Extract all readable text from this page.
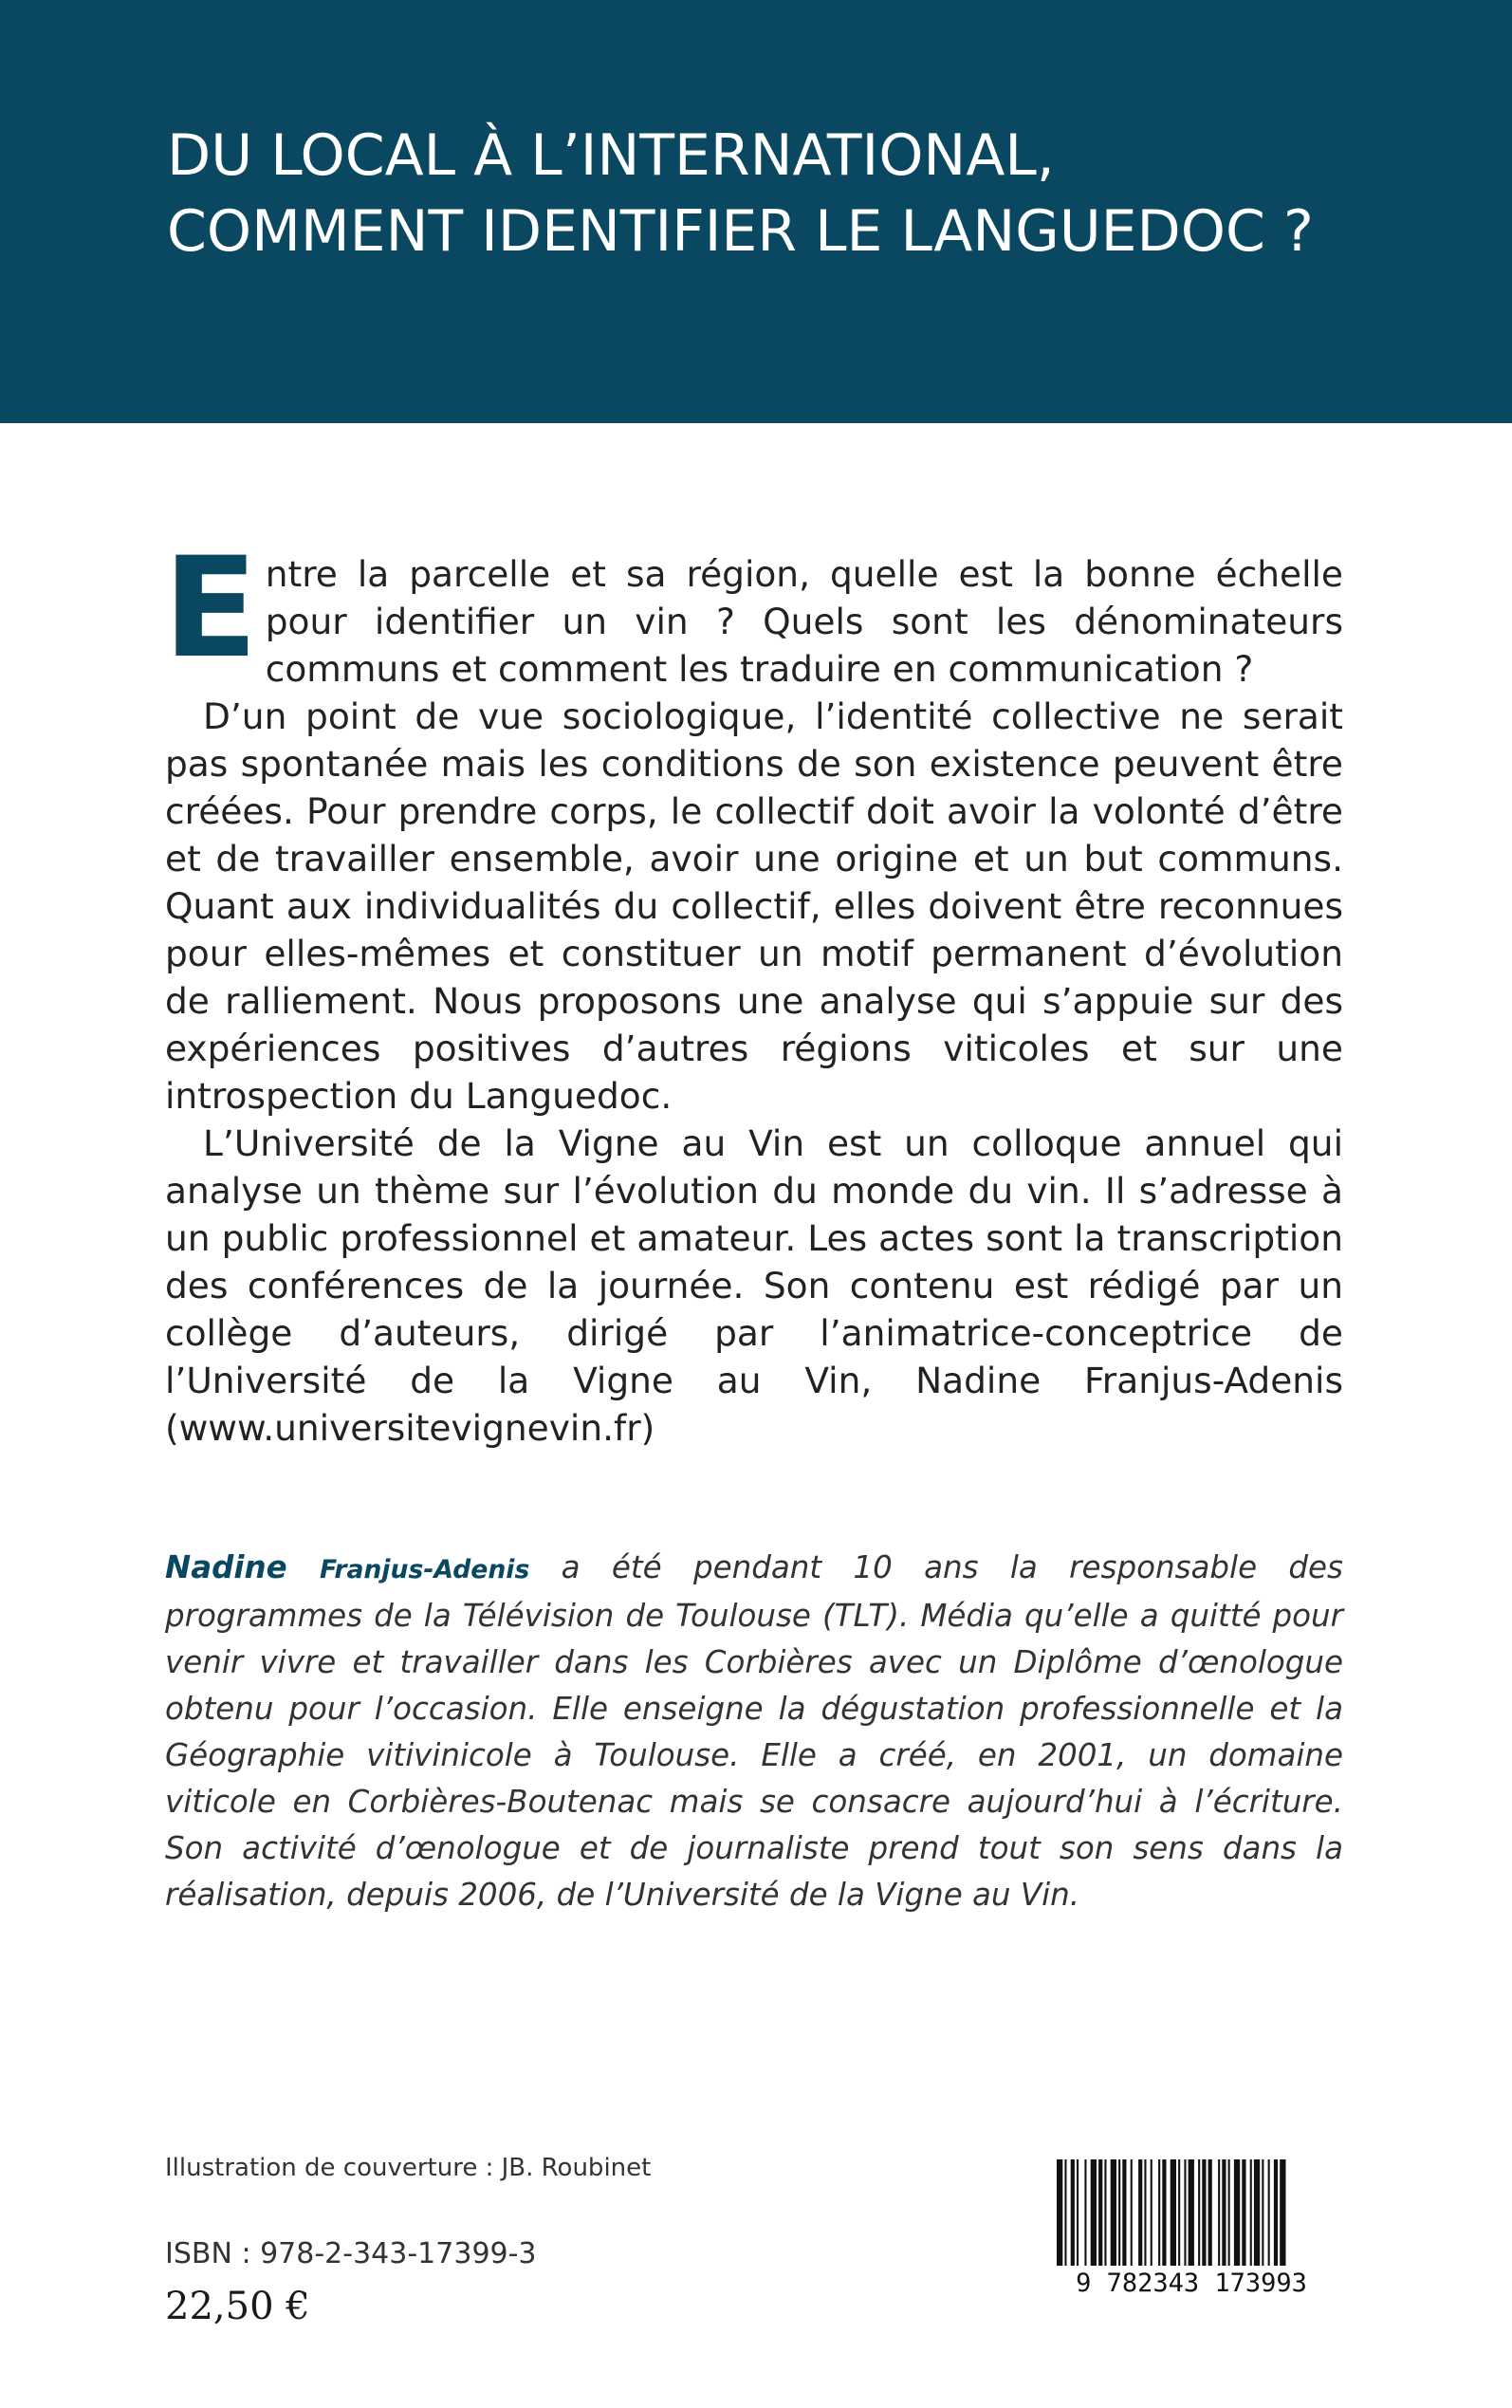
DU LOCAL À L’INTERNATIONAL,
COMMENT IDENTIFIER LE LANGUEDOC ?

Entre la parcelle et sa région, quelle est la bonne échelle pour identifier un vin ? Quels sont les dénominateurs communs et comment les traduire en communication ?

D’un point de vue sociologique, l’identité collective ne serait pas spontanée mais les conditions de son existence peuvent être créées. Pour prendre corps, le collectif doit avoir la volonté d’être et de travailler ensemble, avoir une origine et un but communs. Quant aux individualités du collectif, elles doivent être reconnues pour elles-mêmes et constituer un motif permanent d’évolution de ralliement. Nous proposons une analyse qui s’appuie sur des expériences positives d’autres régions viticoles et sur une introspection du Languedoc.

L’Université de la Vigne au Vin est un colloque annuel qui analyse un thème sur l’évolution du monde du vin. Il s’adresse à un public professionnel et amateur. Les actes sont la transcription des conférences de la journée. Son contenu est rédigé par un collège d’auteurs, dirigé par l’animatrice-conceptrice de l’Université de la Vigne au Vin, Nadine Franjus-Adenis (www.universitevignevin.fr)

Nadine Franjus-Adenis a été pendant 10 ans la responsable des programmes de la Télévision de Toulouse (TLT). Média qu’elle a quitté pour venir vivre et travailler dans les Corbières avec un Diplôme d’œnologue obtenu pour l’occasion. Elle enseigne la dégustation professionnelle et la Géographie vitivinicole à Toulouse. Elle a créé, en 2001, un domaine viticole en Corbières-Boutenac mais se consacre aujourd’hui à l’écriture. Son activité d’œnologue et de journaliste prend tout son sens dans la réalisation, depuis 2006, de l’Université de la Vigne au Vin.
Illustration de couverture : JB. Roubinet
ISBN : 978-2-343-17399-3
22,50 €
9 782343 173993
